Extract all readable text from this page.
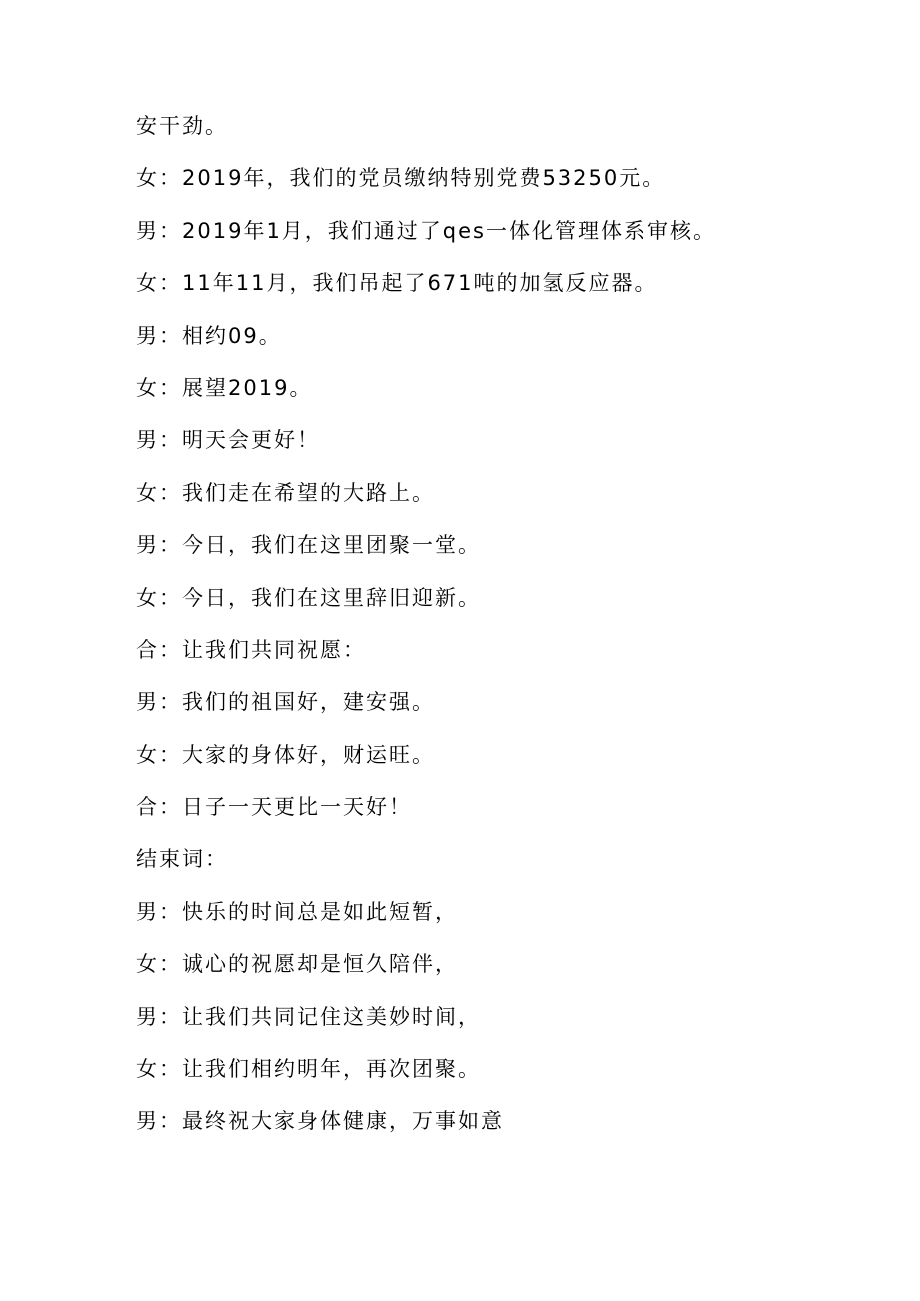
安干劲。
女：2019年，我们的党员缴纳特别党费53250元。
男：2019年1月，我们通过了qes一体化管理体系审核。
女：11年11月，我们吊起了671吨的加氢反应器。
男：相约09。
女：展望2019。
男：明天会更好！
女：我们走在希望的大路上。
男：今日，我们在这里团聚一堂。
女：今日，我们在这里辞旧迎新。
合：让我们共同祝愿：
男：我们的祖国好，建安强。
女：大家的身体好，财运旺。
合：日子一天更比一天好！
结束词：
男：快乐的时间总是如此短暂，
女：诚心的祝愿却是恒久陪伴，
男：让我们共同记住这美妙时间，
女：让我们相约明年，再次团聚。
男：最终祝大家身体健康，万事如意
